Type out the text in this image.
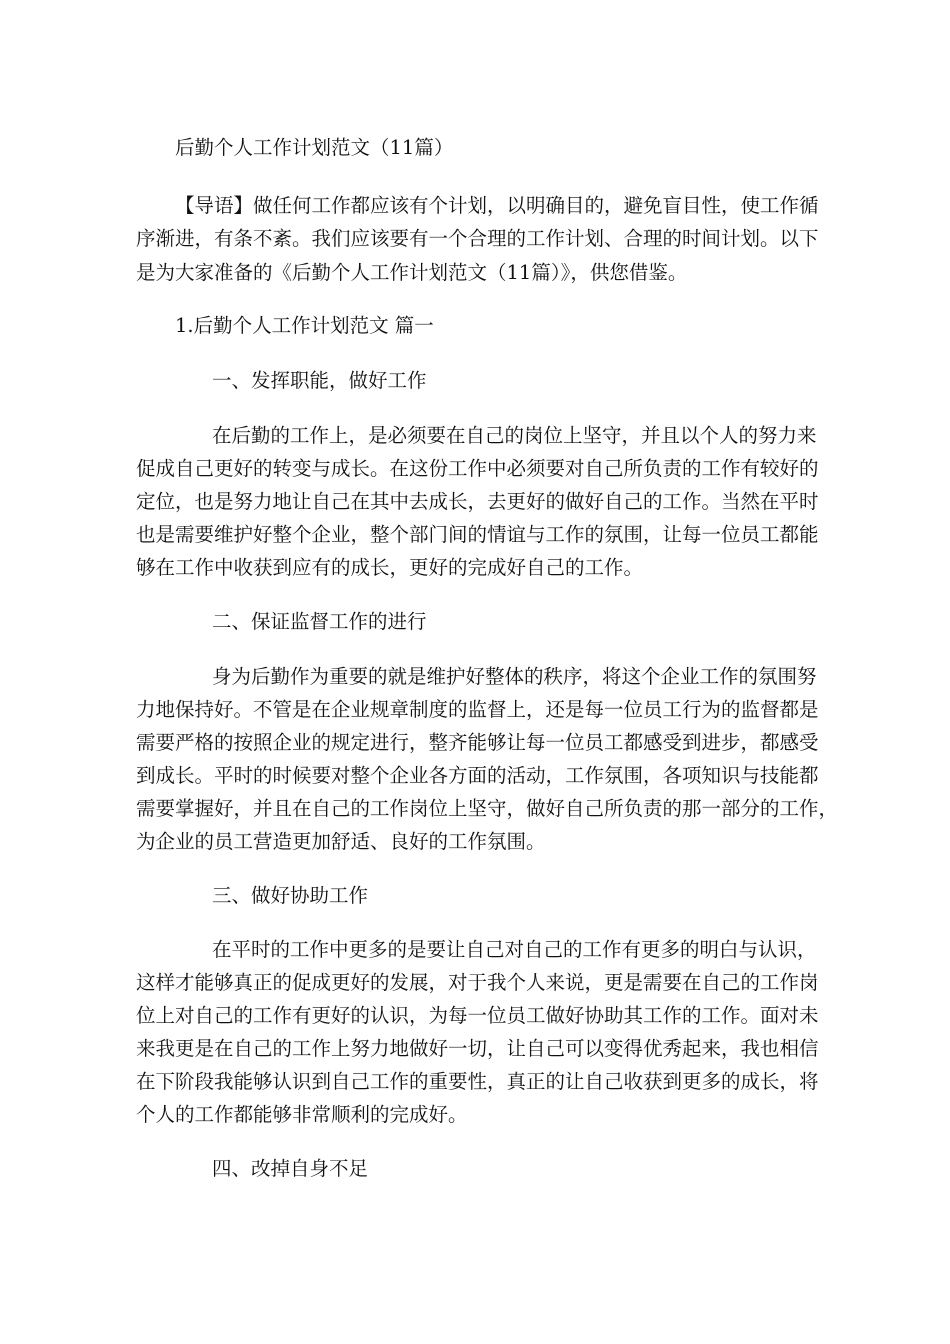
后勤个人工作计划范文（11篇）
【导语】做任何工作都应该有个计划，以明确目的，避免盲目性，使工作循
序渐进，有条不紊。我们应该要有一个合理的工作计划、合理的时间计划。以下
是为大家准备的《后勤个人工作计划范文（11篇）》，供您借鉴。
1.后勤个人工作计划范文 篇一
一、发挥职能，做好工作
在后勤的工作上，是必须要在自己的岗位上坚守，并且以个人的努力来
促成自己更好的转变与成长。在这份工作中必须要对自己所负责的工作有较好的
定位，也是努力地让自己在其中去成长，去更好的做好自己的工作。当然在平时
也是需要维护好整个企业，整个部门间的情谊与工作的氛围，让每一位员工都能
够在工作中收获到应有的成长，更好的完成好自己的工作。
二、保证监督工作的进行
身为后勤作为重要的就是维护好整体的秩序，将这个企业工作的氛围努
力地保持好。不管是在企业规章制度的监督上，还是每一位员工行为的监督都是
需要严格的按照企业的规定进行，整齐能够让每一位员工都感受到进步，都感受
到成长。平时的时候要对整个企业各方面的活动，工作氛围，各项知识与技能都
需要掌握好，并且在自己的工作岗位上坚守，做好自己所负责的那一部分的工作，
为企业的员工营造更加舒适、良好的工作氛围。
三、做好协助工作
在平时的工作中更多的是要让自己对自己的工作有更多的明白与认识，
这样才能够真正的促成更好的发展，对于我个人来说，更是需要在自己的工作岗
位上对自己的工作有更好的认识，为每一位员工做好协助其工作的工作。面对未
来我更是在自己的工作上努力地做好一切，让自己可以变得优秀起来，我也相信
在下阶段我能够认识到自己工作的重要性，真正的让自己收获到更多的成长，将
个人的工作都能够非常顺利的完成好。
四、改掉自身不足
